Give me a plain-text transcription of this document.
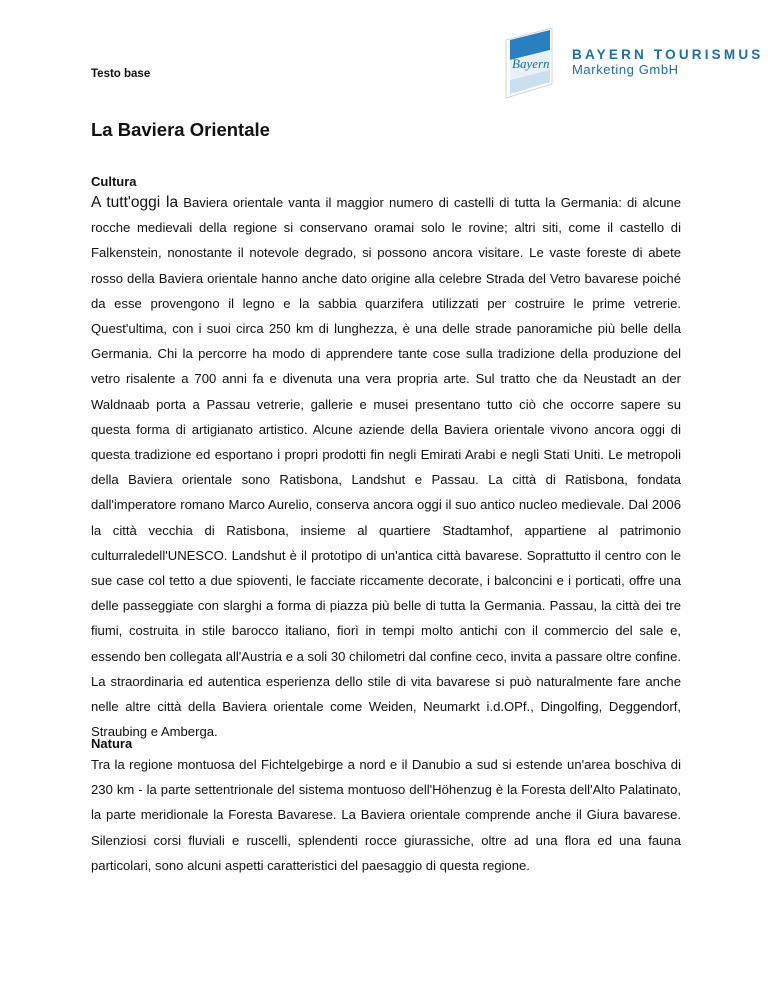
Testo base
Bayern
BAYERN TOURISMUS
Marketing GmbH
La Baviera Orientale
Cultura

A tutt'oggi la Baviera orientale vanta il maggior numero di castelli di tutta la Germania: di alcune rocche medievali della regione si conservano oramai solo le rovine; altri siti, come il castello di Falkenstein, nonostante il notevole degrado, si possono ancora visitare. Le vaste foreste di abete rosso della Baviera orientale hanno anche dato origine alla celebre Strada del Vetro bavarese poiché da esse provengono il legno e la sabbia quarzifera utilizzati per costruire le prime vetrerie. Quest'ultima, con i suoi circa 250 km di lunghezza, è una delle strade panoramiche più belle della Germania. Chi la percorre ha modo di apprendere tante cose sulla tradizione della produzione del vetro risalente a 700 anni fa e divenuta una vera propria arte. Sul tratto che da Neustadt an der Waldnaab porta a Passau vetrerie, gallerie e musei presentano tutto ciò che occorre sapere su questa forma di artigianato artistico. Alcune aziende della Baviera orientale vivono ancora oggi di questa tradizione ed esportano i propri prodotti fin negli Emirati Arabi e negli Stati Uniti. Le metropoli della Baviera orientale sono Ratisbona, Landshut e Passau. La città di Ratisbona, fondata dall'imperatore romano Marco Aurelio, conserva ancora oggi il suo antico nucleo medievale. Dal 2006 la città vecchia di Ratisbona, insieme al quartiere Stadtamhof, appartiene al patrimonio culturraledell'UNESCO. Landshut è il prototipo di un'antica città bavarese. Soprattutto il centro con le sue case col tetto a due spioventi, le facciate riccamente decorate, i balconcini e i porticati, offre una delle passeggiate con slarghi a forma di piazza più belle di tutta la Germania. Passau, la città dei tre fiumi, costruita in stile barocco italiano, fiorì in tempi molto antichi con il commercio del sale e, essendo ben collegata all'Austria e a soli 30 chilometri dal confine ceco, invita a passare oltre confine. La straordinaria ed autentica esperienza dello stile di vita bavarese si può naturalmente fare anche nelle altre città della Baviera orientale come Weiden, Neumarkt i.d.OPf., Dingolfing, Deggendorf, Straubing e Amberga.

Natura

Tra la regione montuosa del Fichtelgebirge a nord e il Danubio a sud si estende un'area boschiva di 230 km - la parte settentrionale del sistema montuoso dell'Höhenzug è la Foresta dell'Alto Palatinato, la parte meridionale la Foresta Bavarese. La Baviera orientale comprende anche il Giura bavarese. Silenziosi corsi fluviali e ruscelli, splendenti rocce giurassiche, oltre ad una flora ed una fauna particolari, sono alcuni aspetti caratteristici del paesaggio di questa regione.
